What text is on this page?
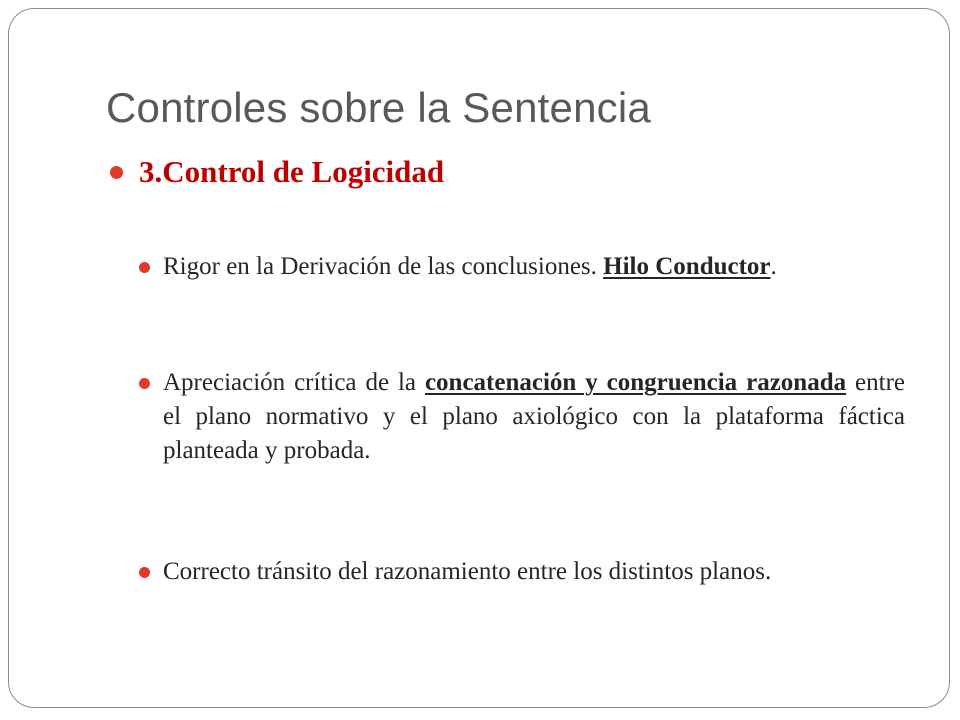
Controles sobre la Sentencia
3.Control de Logicidad
Rigor en la Derivación de las conclusiones. Hilo Conductor.
Apreciación crítica de la concatenación y congruencia razonada entre el plano normativo y el plano axiológico con la plataforma fáctica planteada y probada.
Correcto tránsito del razonamiento entre los distintos planos.
